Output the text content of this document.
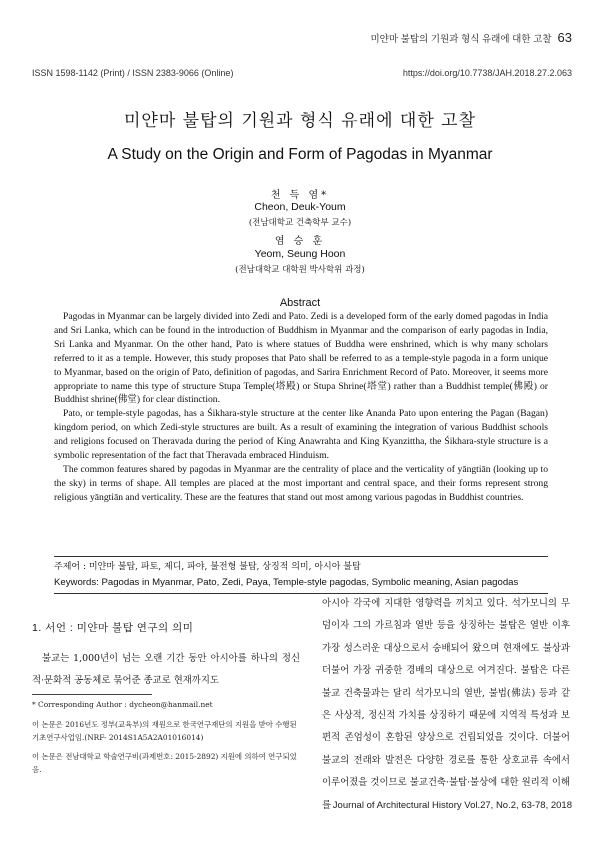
미얀마 불탑의 기원과 형식 유래에 대한 고찰 63
ISSN 1598-1142 (Print) / ISSN 2383-9066 (Online)	https://doi.org/10.7738/JAH.2018.27.2.063
미얀마 불탑의 기원과 형식 유래에 대한 고찰
A Study on the Origin and Form of Pagodas in Myanmar
천 득 염*
Cheon, Deuk-Youm
(전남대학교 건축학부 교수)
염 승 훈
Yeom, Seung Hoon
(전남대학교 대학원 박사학위 과정)
Abstract

Pagodas in Myanmar can be largely divided into Zedi and Pato. Zedi is a developed form of the early domed pagodas in India and Sri Lanka, which can be found in the introduction of Buddhism in Myanmar and the comparison of early pagodas in India, Sri Lanka and Myanmar. On the other hand, Pato is where statues of Buddha were enshrined, which is why many scholars referred to it as a temple. However, this study proposes that Pato shall be referred to as a temple-style pagoda in a form unique to Myanmar, based on the origin of Pato, definition of pagodas, and Sarira Enrichment Record of Pato. Moreover, it seems more appropriate to name this type of structure Stupa Temple(塔殿) or Stupa Shrine(塔堂) rather than a Buddhist temple(佛殿) or Buddhist shrine(佛堂) for clear distinction.

Pato, or temple-style pagodas, has a Śikhara-style structure at the center like Ananda Pato upon entering the Pagan (Bagan) kingdom period, on which Zedi-style structures are built. As a result of examining the integration of various Buddhist schools and religions focused on Theravada during the period of King Anawrahta and King Kyanzittha, the Śikhara-style structure is a symbolic representation of the fact that Theravada embraced Hinduism.

The common features shared by pagodas in Myanmar are the centrality of place and the verticality of yāngtiān (looking up to the sky) in terms of shape. All temples are placed at the most important and central space, and their forms represent strong religious yāngtiān and verticality. These are the features that stand out most among various pagodas in Buddhist countries.

주제어 : 미얀마 불탑, 파토, 제디, 파야, 불전형 불탑, 상징적 의미, 아시아 불탑
Keywords: Pagodas in Myanmar, Pato, Zedi, Paya, Temple-style pagodas, Symbolic meaning, Asian pagodas
1. 서언 : 미얀마 불탑 연구의 의미

불교는 1,000년이 넘는 오랜 기간 동안 아시아를 하나의 정신적·문화적 공동체로 묶어준 종교로 현재까지도

* Corresponding Author : dycheon@hanmail.net
이 논문은 2016년도 정부(교육부)의 재원으로 한국연구재단의 지원을 받아 수행된 기초연구사업임.(NRF- 2014S1A5A2A01016014)
이 논문은 전남대학교 학술연구비(과제번호: 2015-2892) 지원에 의하여 연구되었음.

아시아 각국에 지대한 영향력을 끼치고 있다. 석가모니의 무덤이자 그의 가르침과 열반 등을 상징하는 불탑은 열반 이후 가장 성스러운 대상으로서 숭배되어 왔으며 현재에도 불상과 더불어 가장 귀중한 경배의 대상으로 여겨진다. 불탑은 다른 불교 건축물과는 달리 석가모니의 열반, 불법(佛法) 등과 같은 사상적, 정신적 가치를 상징하기 때문에 지역적 특성과 보편적 존엄성이 혼합된 양상으로 건립되었을 것이다. 더불어 불교의 전래와 발전은 다양한 경로를 통한 상호교류 속에서 이루어졌을 것이므로 불교건축·불탑·불상에 대한 원리적 이해를 Journal of Architectural History Vol.27, No.2, 63-78, 2018
